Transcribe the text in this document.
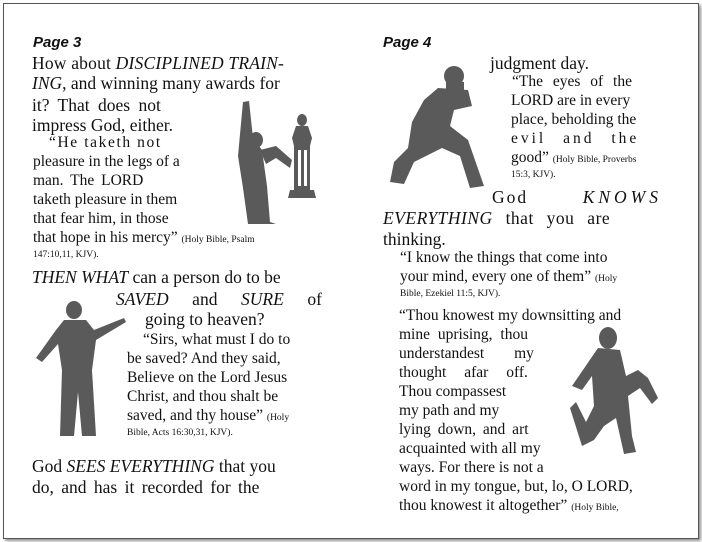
Page 3
How about DISCIPLINED TRAIN-
ING, and winning many awards for
it? That does not
impress God, either.
“He taketh not
pleasure in the legs of a
man. The LORD
taketh pleasure in them
that fear him, in those
that hope in his mercy” (Holy Bible, Psalm
147:10,11, KJV).
THEN WHAT can a person do to be
SAVED and SURE of
going to heaven?
“Sirs, what must I do to
be saved? And they said,
Believe on the Lord Jesus
Christ, and thou shalt be
saved, and thy house” (Holy
Bible, Acts 16:30,31, KJV).
God SEES EVERYTHING that you
do, and has it recorded for the
Page 4
judgment day.
“The eyes of the
LORD are in every
place, beholding the
evil and the
good” (Holy Bible, Proverbs
15:3, KJV).
God	KNOWS
EVERYTHING that you are
thinking.
“I know the things that come into
your mind, every one of them” (Holy
Bible, Ezekiel 11:5, KJV).
“Thou knowest my downsitting and
mine uprising, thou
understandest my
thought afar off.
Thou compassest
my path and my
lying down, and art
acquainted with all my
ways. For there is not a
word in my tongue, but, lo, O LORD,
thou knowest it altogether” (Holy Bible,
